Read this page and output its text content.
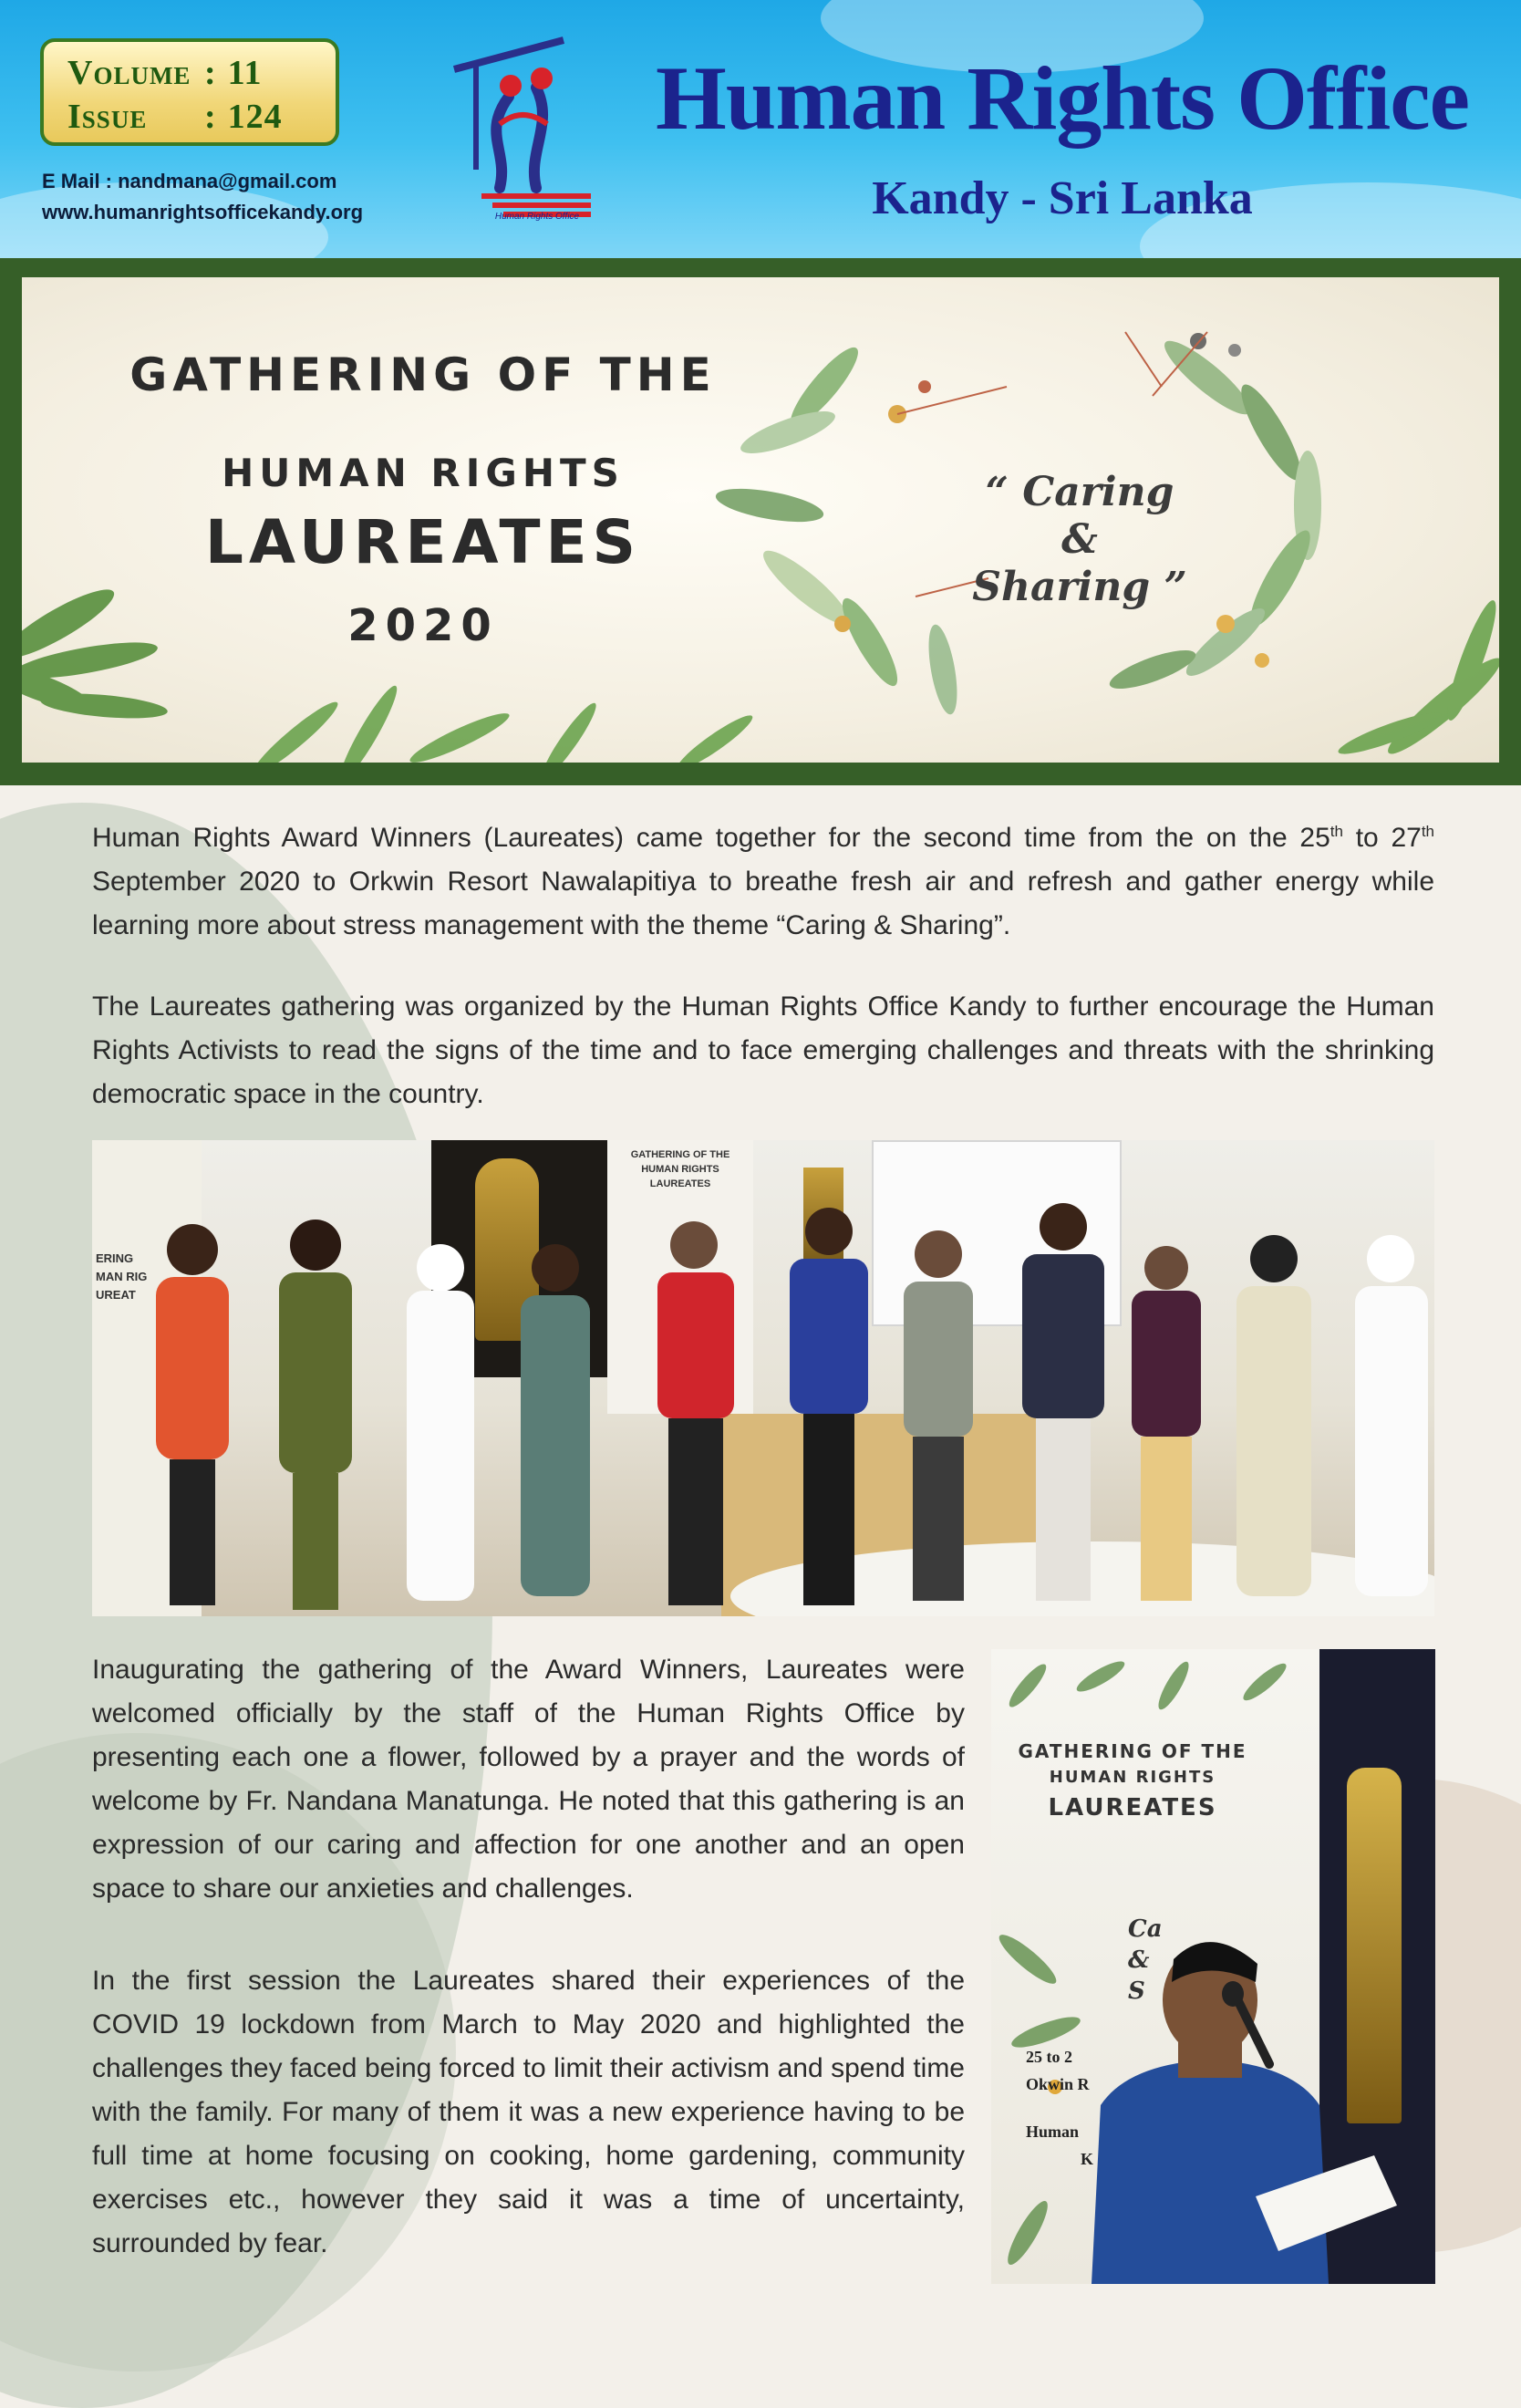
Volume : 11
Issue : 124
E Mail : nandmana@gmail.com
www.humanrightsofficekandy.org	Human Rights Office
Human Rights Office
Kandy - Sri Lanka
GATHERING OF THE
HUMAN RIGHTS
LAUREATES
2020
“ Caring
&
Sharing ”

Human Rights Award Winners (Laureates) came together for the second time from the on the 25th to 27th September 2020 to Orkwin Resort Nawalapitiya to breathe fresh air and refresh and gather energy while learning more about stress management with the theme “Caring & Sharing”.

The Laureates gathering was organized by the Human Rights Office Kandy to further encourage the Human Rights Activists to read the signs of the time and to face emerging challenges and threats with the shrinking democratic space in the country.

ERING
MAN RIG
UREAT
GATHERING OF THE
HUMAN RIGHTS
LAUREATES

Inaugurating the gathering of the Award Winners, Laureates were welcomed officially by the staff of the Human Rights Office by presenting each one a flower, followed by a prayer and the words of welcome by Fr. Nandana Manatunga. He noted that this gathering is an expression of our caring and affection for one another and an open space to share our anxieties and challenges.

In the first session the Laureates shared their experiences of the COVID 19 lockdown from March to May 2020 and highlighted the challenges they faced being forced to limit their activism and spend time with the family. For many of them it was a new experience having to be full time at home focusing on cooking, home gardening, community exercises etc., however they said it was a time of uncertainty, surrounded by fear.

GATHERING OF THE
HUMAN RIGHTS
LAUREATES
Ca
&
S
25 to 2
Okwin R
Human
K
